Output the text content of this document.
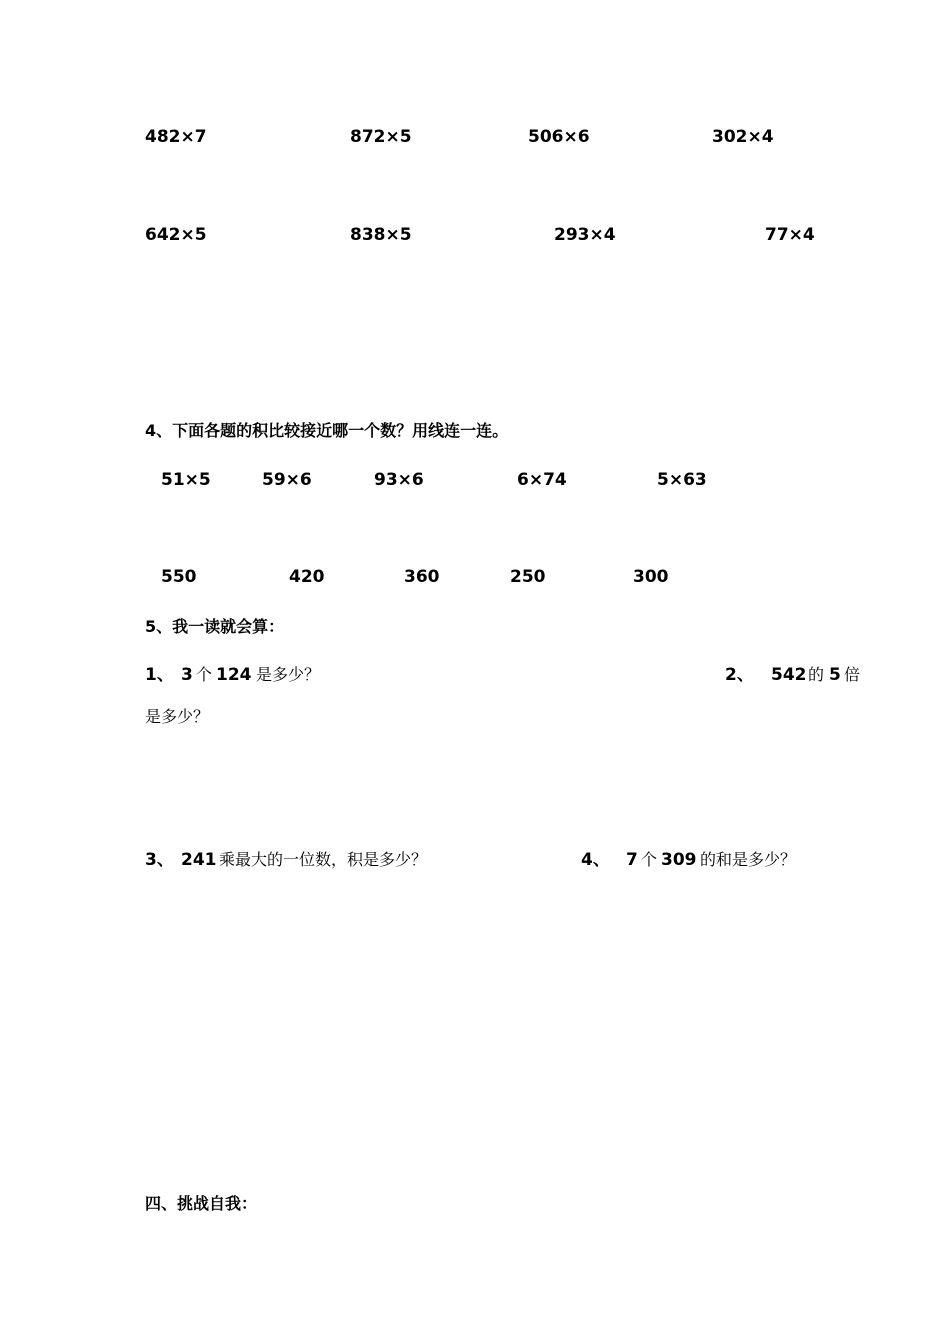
482×7	872×5	506×6	302×4
642×5	838×5	293×4	77×4
4、下面各题的积比较接近哪一个数？用线连一连。
51×5	59×6	93×6	6×74	5×63
550	420	360	250	300
5、我一读就会算：
1、 3 个 124 是多少？	2、 542 的 5 倍
是多少？
3、 241 乘最大的一位数，积是多少？	4、 7 个 309 的和是多少？
四、挑战自我：
